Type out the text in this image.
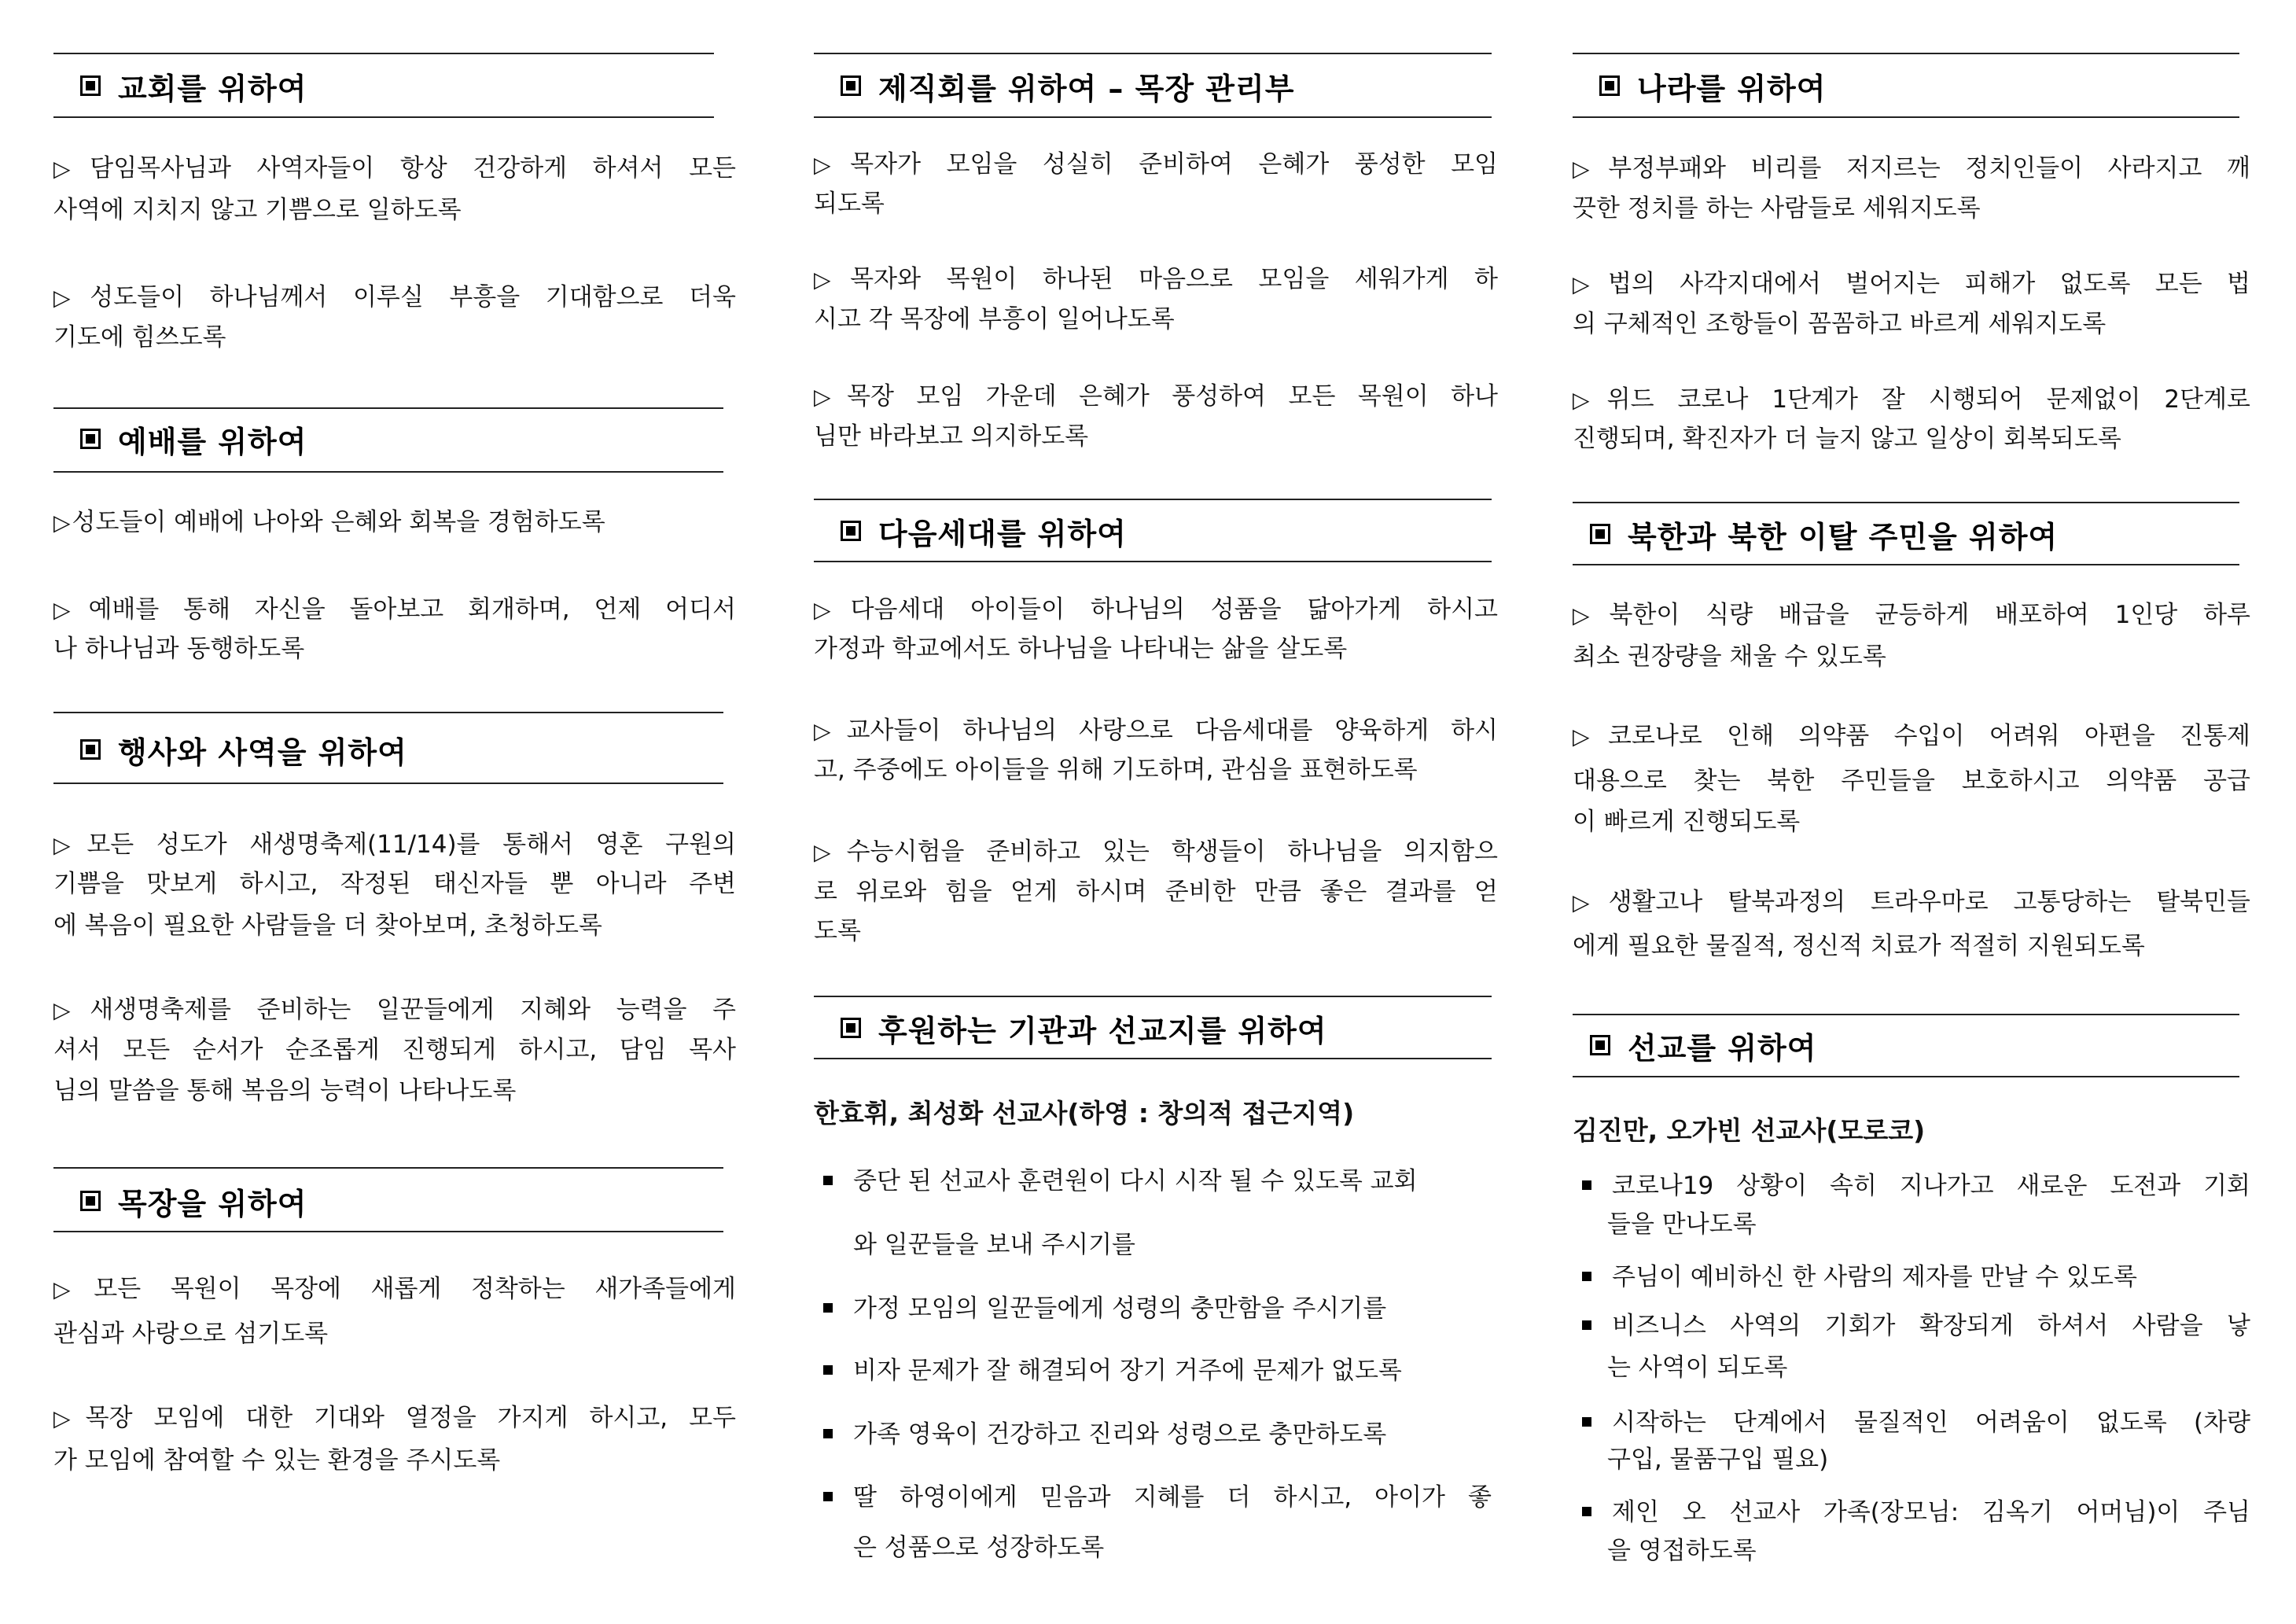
교회를 위하여
▷담임목사님과 사역자들이 항상 건강하게 하셔서 모든
사역에 지치지 않고 기쁨으로 일하도록
▷성도들이 하나님께서 이루실 부흥을 기대함으로 더욱
기도에 힘쓰도록
예배를 위하여
▷성도들이 예배에 나아와 은혜와 회복을 경험하도록
▷예배를 통해 자신을 돌아보고 회개하며, 언제 어디서
나 하나님과 동행하도록
행사와 사역을 위하여
▷모든 성도가 새생명축제(11/14)를 통해서 영혼 구원의
기쁨을 맛보게 하시고, 작정된 태신자들 뿐 아니라 주변
에 복음이 필요한 사람들을 더 찾아보며, 초청하도록
▷새생명축제를 준비하는 일꾼들에게 지혜와 능력을 주
셔서 모든 순서가 순조롭게 진행되게 하시고, 담임 목사
님의 말씀을 통해 복음의 능력이 나타나도록
목장을 위하여
▷모든 목원이 목장에 새롭게 정착하는 새가족들에게
관심과 사랑으로 섬기도록
▷목장 모임에 대한 기대와 열정을 가지게 하시고, 모두
가 모임에 참여할 수 있는 환경을 주시도록
제직회를 위하여 – 목장 관리부
▷목자가 모임을 성실히 준비하여 은혜가 풍성한 모임
되도록
▷목자와 목원이 하나된 마음으로 모임을 세워가게 하
시고 각 목장에 부흥이 일어나도록
▷목장 모임 가운데 은혜가 풍성하여 모든 목원이 하나
님만 바라보고 의지하도록
다음세대를 위하여
▷다음세대 아이들이 하나님의 성품을 닮아가게 하시고
가정과 학교에서도 하나님을 나타내는 삶을 살도록
▷교사들이 하나님의 사랑으로 다음세대를 양육하게 하시
고, 주중에도 아이들을 위해 기도하며, 관심을 표현하도록
▷수능시험을 준비하고 있는 학생들이 하나님을 의지함으
로 위로와 힘을 얻게 하시며 준비한 만큼 좋은 결과를 얻
도록
후원하는 기관과 선교지를 위하여
한효휘, 최성화 선교사(하영 : 창의적 접근지역)
중단 된 선교사 훈련원이 다시 시작 될 수 있도록 교회
와 일꾼들을 보내 주시기를
가정 모임의 일꾼들에게 성령의 충만함을 주시기를
비자 문제가 잘 해결되어 장기 거주에 문제가 없도록
가족 영육이 건강하고 진리와 성령으로 충만하도록
딸 하영이에게 믿음과 지혜를 더 하시고, 아이가 좋
은 성품으로 성장하도록
나라를 위하여
▷부정부패와 비리를 저지르는 정치인들이 사라지고 깨
끗한 정치를 하는 사람들로 세워지도록
▷법의 사각지대에서 벌어지는 피해가 없도록 모든 법
의 구체적인 조항들이 꼼꼼하고 바르게 세워지도록
▷위드 코로나 1단계가 잘 시행되어 문제없이 2단계로
진행되며, 확진자가 더 늘지 않고 일상이 회복되도록
북한과 북한 이탈 주민을 위하여
▷북한이 식량 배급을 균등하게 배포하여 1인당 하루
최소 권장량을 채울 수 있도록
▷코로나로 인해 의약품 수입이 어려워 아편을 진통제
대용으로 찾는 북한 주민들을 보호하시고 의약품 공급
이 빠르게 진행되도록
▷생활고나 탈북과정의 트라우마로 고통당하는 탈북민들
에게 필요한 물질적, 정신적 치료가 적절히 지원되도록
선교를 위하여
김진만, 오가빈 선교사(모로코)
코로나19 상황이 속히 지나가고 새로운 도전과 기회
들을 만나도록
주님이 예비하신 한 사람의 제자를 만날 수 있도록
비즈니스 사역의 기회가 확장되게 하셔서 사람을 낳
는 사역이 되도록
시작하는 단계에서 물질적인 어려움이 없도록 (차량
구입, 물품구입 필요)
제인 오 선교사 가족(장모님: 김옥기 어머님)이 주님
을 영접하도록
